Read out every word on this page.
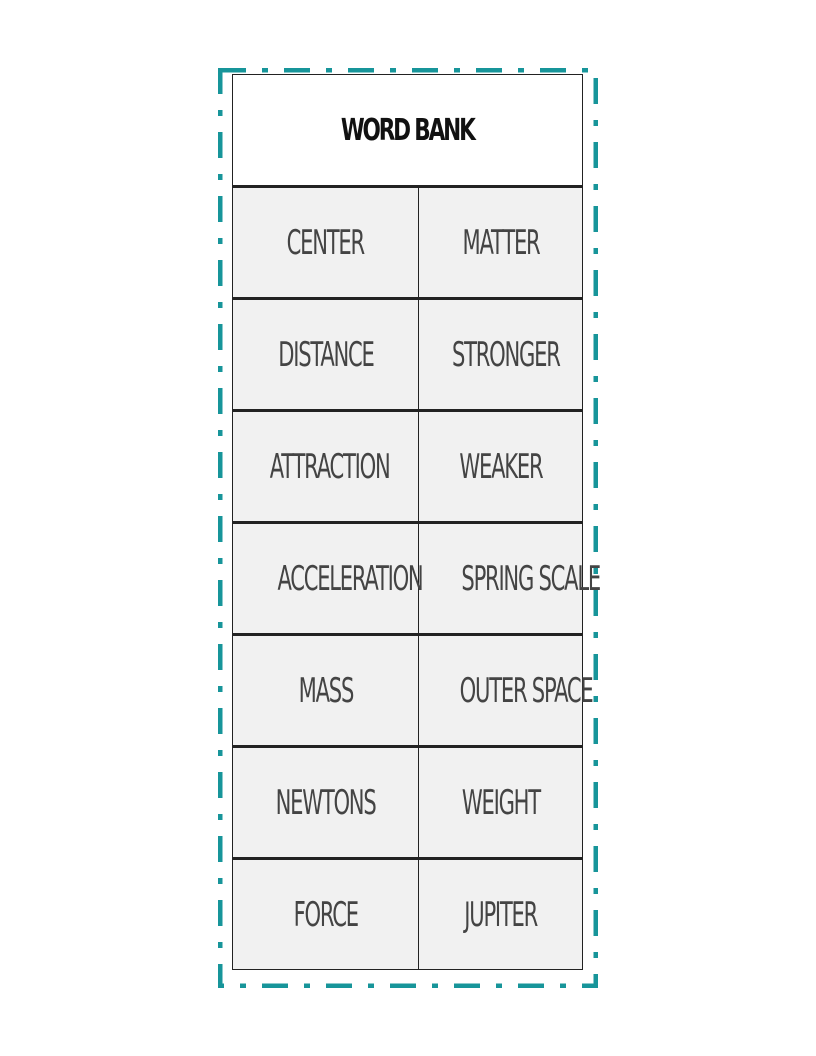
WORD BANK	
CENTER	MATTER
DISTANCE	STRONGER
ATTRACTION	WEAKER
ACCELERATION	SPRING SCALE
MASS	OUTER SPACE
NEWTONS	WEIGHT
FORCE	JUPITER
